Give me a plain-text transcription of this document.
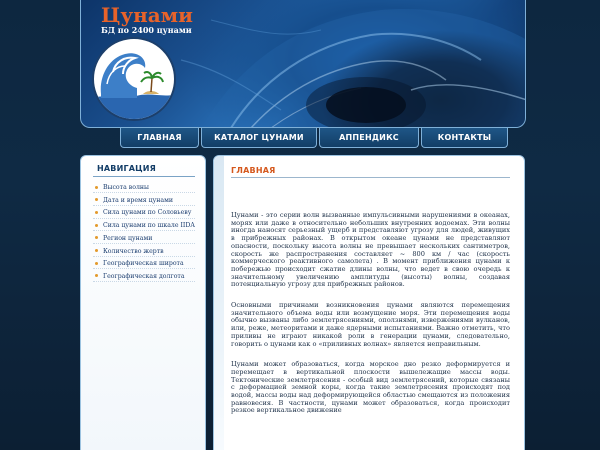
Цунами
БД по 2400 цунами
ГЛАВНАЯ	КАТАЛОГ ЦУНАМИ	АППЕНДИКС	КОНТАКТЫ
НАВИГАЦИЯ
Высота волны
Дата и время цунами
Сила цунами по Соловьеву
Сила цунами по шкале IIDA
Регион цунами
Количество жертв
Географическая широта
Географическая долгота
ГЛАВНАЯ

Цунами - это серии волн вызванные импульсивными нарушениями в океанах, морях или даже в относительно небольших внутренних водоемах. Эти волны иногда наносят серьезный ущерб и представляют угрозу для людей, живущих в прибрежных районах. В открытом океане цунами не представляют опасности, поскольку высота волны не превышает нескольких сантиметров, скорость же распространения составляет ~ 800 км / час (скорость коммерческого реактивного самолета) . В момент приближения цунами к побережью происходит сжатие длины волны, что ведет в свою очередь к значительному увеличению амплитуды (высоты) волны, создавая потенциальную угрозу для прибрежных районов.

Основными причинами возникновения цунами являются перемещения значительного объема воды или возмущение моря. Эти перемещения воды обычно вызваны либо землетрясениями, оползнями, извержениями вулканов, или, реже, метеоритами и даже ядерными испытаниями. Важно отметить, что приливы не играют никакой роли в генерации цунами, следовательно, говорить о цунами как о «приливных волнах» является неправильным.

Цунами может образоваться, когда морское дно резко деформируется и перемещает в вертикальной плоскости вышележащие массы воды. Тектонические землетрясения - особый вид землетрясений, которые связаны с деформацией земной коры, когда такие землетрясения происходят под водой, массы воды над деформирующейся областью смещаются из положения равновесия. В частности, цунами может образоваться, когда происходит резкое вертикальное движение
